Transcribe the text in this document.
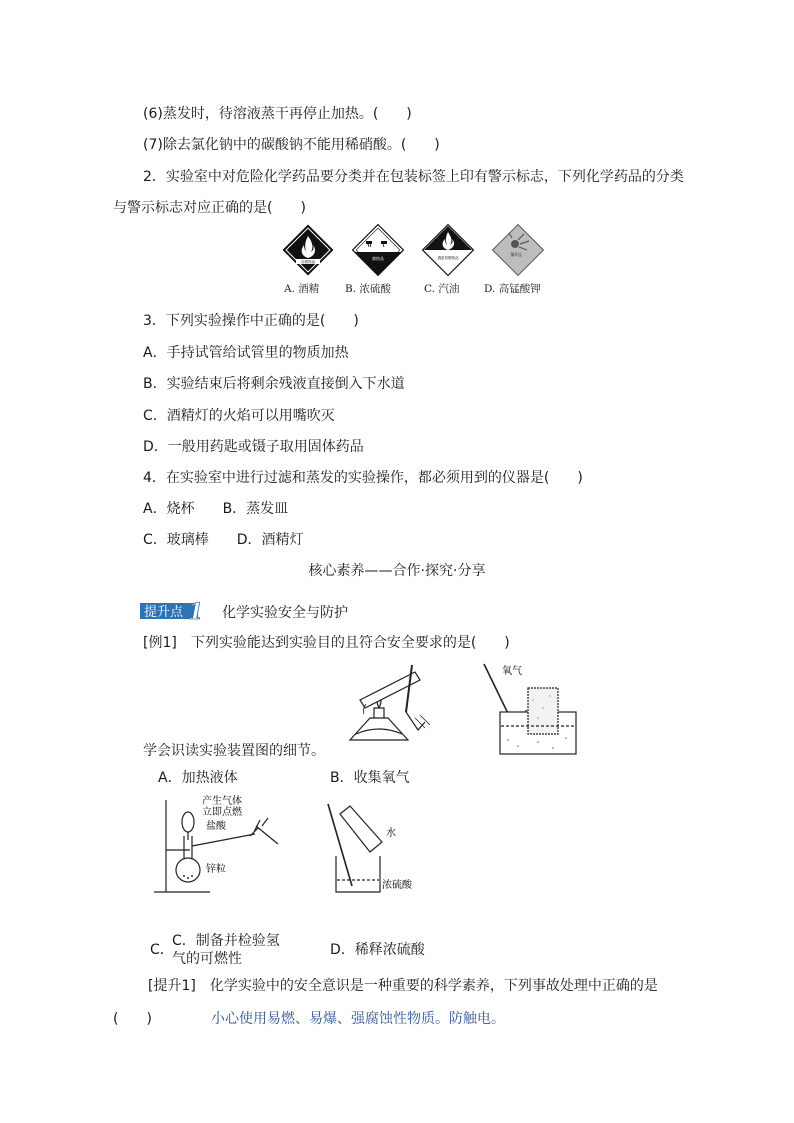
(6)蒸发时，待溶液蒸干再停止加热。(　　)
(7)除去氯化钠中的碳酸钠不能用稀硝酸。(　　)
2．实验室中对危险化学药品要分类并在包装标签上印有警示标志，下列化学药品的分类
与警示标志对应正确的是(　　)
自燃物品
腐蚀品	遇湿易燃物品
爆炸品
A. 酒精 B. 浓硫酸	C. 汽油 D. 高锰酸钾
3．下列实验操作中正确的是(　　)
A．手持试管给试管里的物质加热
B．实验结束后将剩余残液直接倒入下水道
C．酒精灯的火焰可以用嘴吹灭
D．一般用药匙或镊子取用固体药品
4．在实验室中进行过滤和蒸发的实验操作，都必须用到的仪器是(　　)
A．烧杯　　B．蒸发皿
C．玻璃棒　　D．酒精灯
核心素养——合作·探究·分享
提升点 1 化学实验安全与防护
[例1]　下列实验能达到实验目的且符合安全要求的是(　　)
氧气
学会识读实验装置图的细节。
A．加热液体	B．收集氧气
产生气体
立即点燃
盐酸
锌粒
水
浓硫酸
C．
C．制备并检验氢
气的可燃性
D．稀释浓硫酸
[提升1]　化学实验中的安全意识是一种重要的科学素养，下列事故处理中正确的是
(　　)	小心使用易燃、易爆、强腐蚀性物质。防触电。
